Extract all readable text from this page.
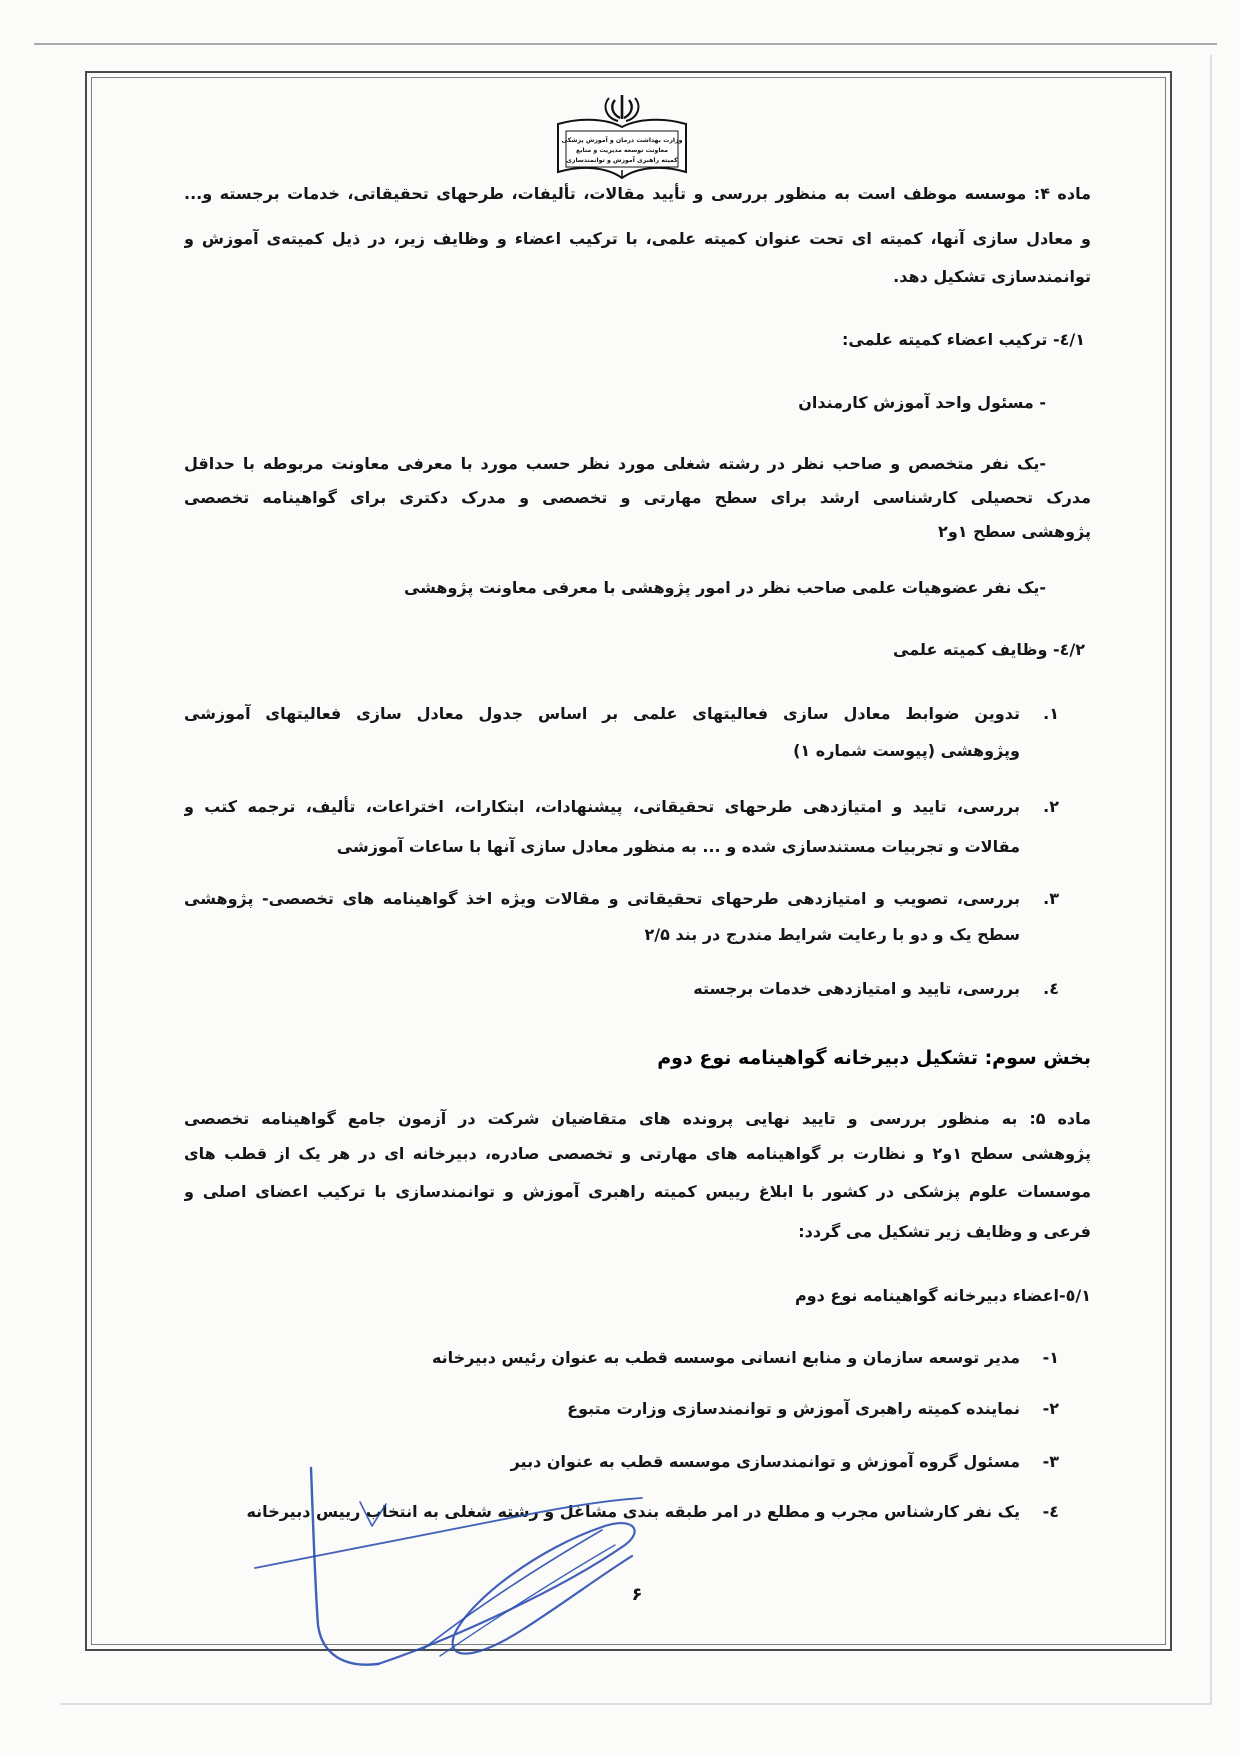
وزارت بهداشت درمان و آموزش پزشکی
معاونت توسعه مدیریت و منابع
کمیته راهبری آموزش و توانمندسازی
ماده ۴: موسسه موظف است به منظور بررسی و تأیید مقالات، تألیفات، طرحهای تحقیقاتی، خدمات برجسته و...
و معادل سازی آنها، کمیته ای تحت عنوان کمیته علمی، با ترکیب اعضاء و وظایف زیر، در ذیل کمیته‌ی آموزش و
توانمندسازی تشکیل دهد.
٤/١- ترکیب اعضاء کمیته علمی:
- مسئول واحد آموزش کارمندان
-یک نفر متخصص و صاحب نظر در رشته شغلی مورد نظر حسب مورد با معرفی معاونت مربوطه با حداقل
مدرک تحصیلی کارشناسی ارشد برای سطح مهارتی و تخصصی و مدرک دکتری برای گواهینامه تخصصی
پژوهشی سطح ۱و۲
-یک نفر عضوهیات علمی صاحب نظر در امور پژوهشی با معرفی معاونت پژوهشی
٤/٢- وظایف کمیته علمی
١.
تدوین ضوابط معادل سازی فعالیتهای علمی بر اساس جدول معادل سازی فعالیتهای آموزشی
وپژوهشی (پیوست شماره ۱)
٢.
بررسی، تایید و امتیازدهی طرحهای تحقیقاتی، پیشنهادات، ابتکارات، اختراعات، تألیف، ترجمه کتب و
مقالات و تجربیات مستندسازی شده و ... به منظور معادل سازی آنها با ساعات آموزشی
٣.
بررسی، تصویب و امتیازدهی طرحهای تحقیقاتی و مقالات ویژه اخذ گواهینامه های تخصصی- پژوهشی
سطح یک و دو با رعایت شرایط مندرج در بند ۲/۵
٤.
بررسی، تایید و امتیازدهی خدمات برجسته
بخش سوم: تشکیل دبیرخانه گواهینامه نوع دوم
ماده ۵: به منظور بررسی و تایید نهایی پرونده های متقاضیان شرکت در آزمون جامع گواهینامه تخصصی
پژوهشی سطح ۱و۲ و نظارت بر گواهینامه های مهارتی و تخصصی صادره، دبیرخانه ای در هر یک از قطب های
موسسات علوم پزشکی در کشور با ابلاغ رییس کمیته راهبری آموزش و توانمندسازی با ترکیب اعضای اصلی و
فرعی و وظایف زیر تشکیل می گردد:
٥/١-اعضاء دبیرخانه گواهینامه نوع دوم
١-
مدیر توسعه سازمان و منابع انسانی موسسه قطب به عنوان رئیس دبیرخانه
٢-
نماینده کمیته راهبری آموزش و توانمندسازی وزارت متبوع
٣-
مسئول گروه آموزش و توانمندسازی موسسه قطب به عنوان دبیر
٤-
یک نفر کارشناس مجرب و مطلع در امر طبقه بندی مشاغل و رشته شغلی به انتخاب رییس دبیرخانه
۶
